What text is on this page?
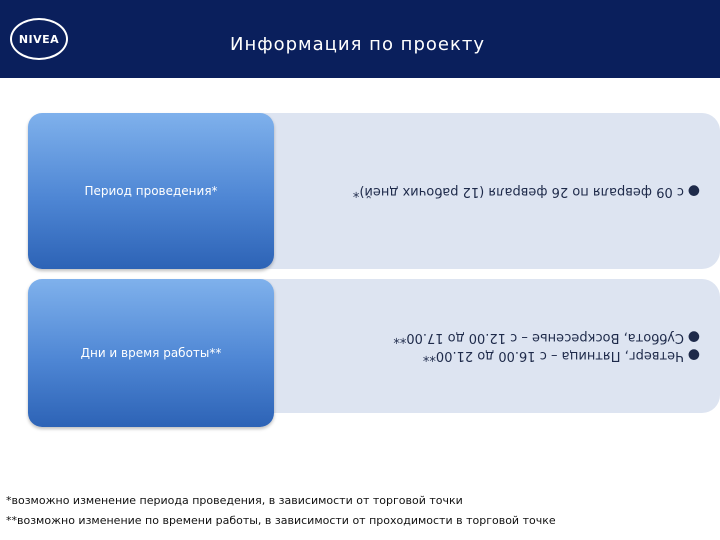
NIVEA	Информация по проекту
●
с 09 февраля по 26 февраля (12 рабочих дней)*
●
Четверг, Пятница – с 16.00 до 21.00**
●
Суббота, Воскресенье – с 12.00 до 17.00**
Период проведения*
Дни и время работы**
*возможно изменение периода проведения, в зависимости от торговой точки
**возможно изменение по времени работы, в зависимости от проходимости в торговой точке
